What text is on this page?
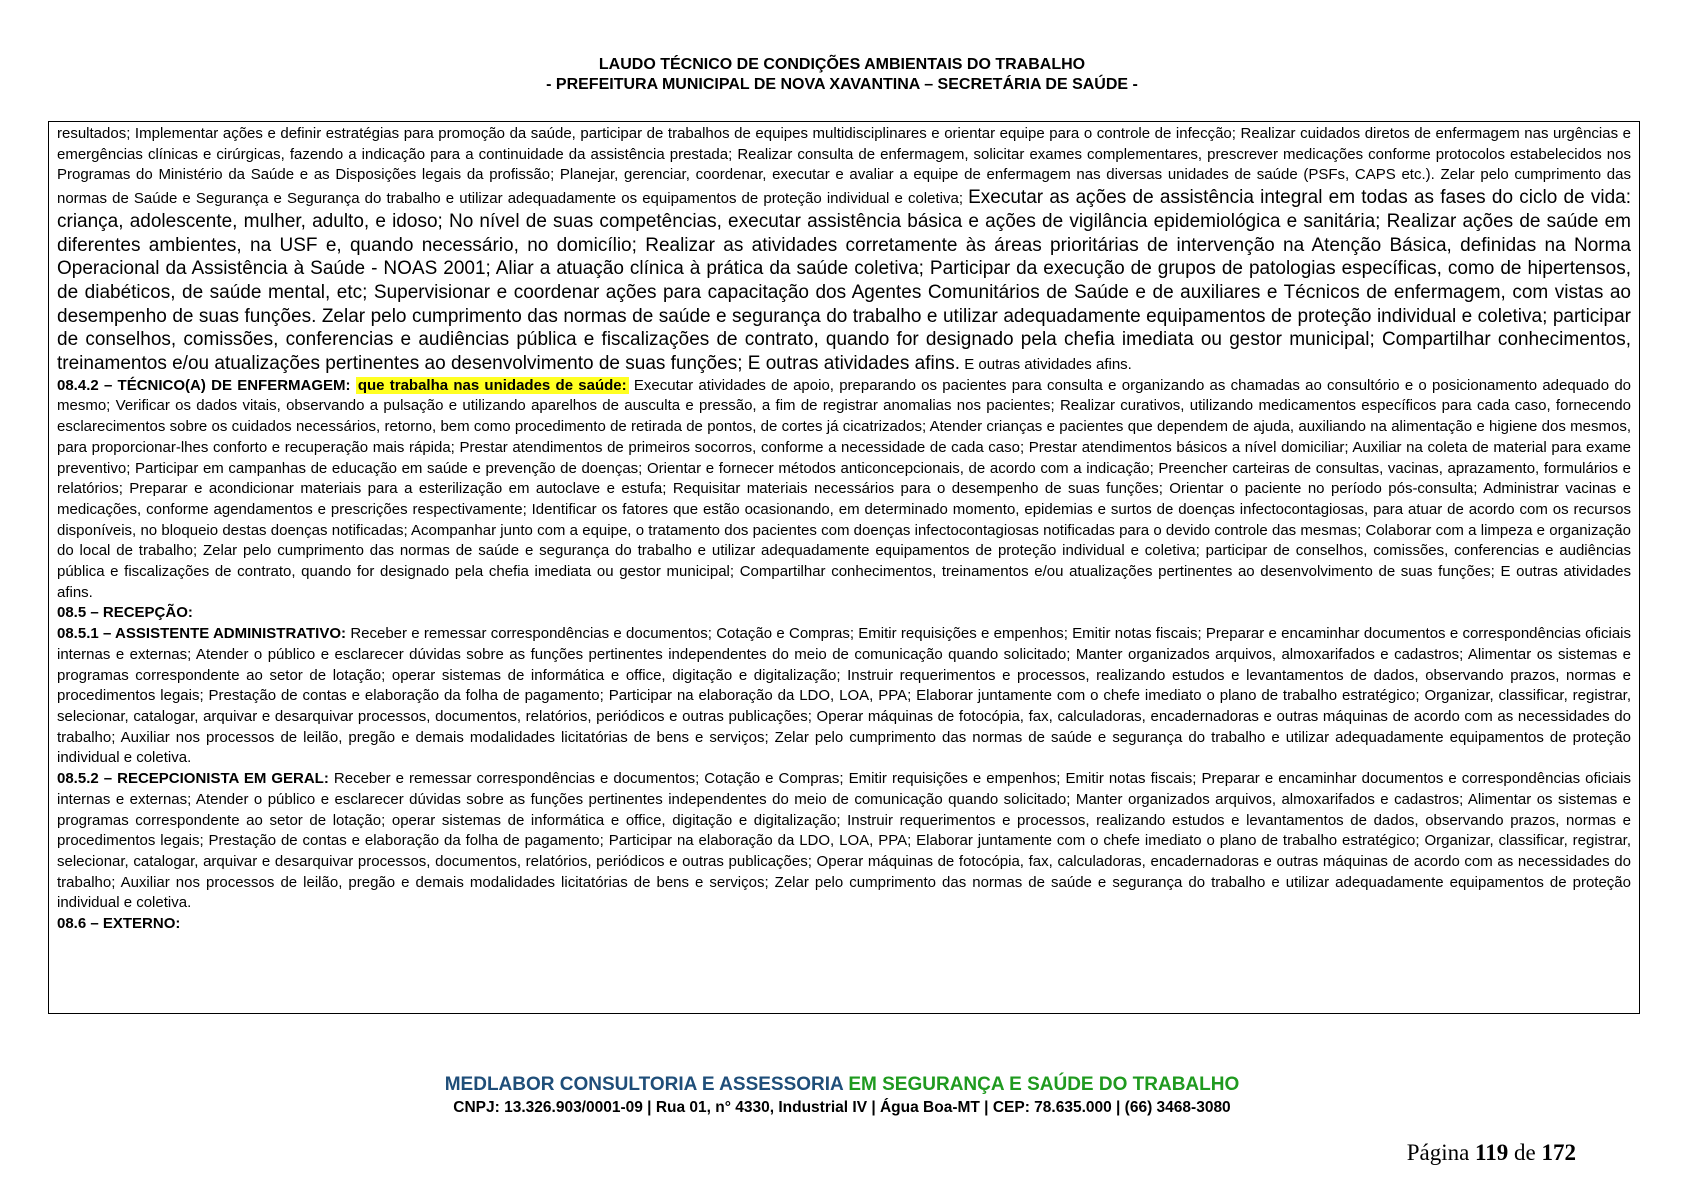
LAUDO TÉCNICO DE CONDIÇÕES AMBIENTAIS DO TRABALHO
- PREFEITURA MUNICIPAL DE NOVA XAVANTINA – SECRETÁRIA DE SAÚDE -

resultados; Implementar ações e definir estratégias para promoção da saúde, participar de trabalhos de equipes multidisciplinares e orientar equipe para o controle de infecção; Realizar cuidados diretos de enfermagem nas urgências e emergências clínicas e cirúrgicas, fazendo a indicação para a continuidade da assistência prestada; Realizar consulta de enfermagem, solicitar exames complementares, prescrever medicações conforme protocolos estabelecidos nos Programas do Ministério da Saúde e as Disposições legais da profissão; Planejar, gerenciar, coordenar, executar e avaliar a equipe de enfermagem nas diversas unidades de saúde (PSFs, CAPS etc.). Zelar pelo cumprimento das normas de Saúde e Segurança e Segurança do trabalho e utilizar adequadamente os equipamentos de proteção individual e coletiva; Executar as ações de assistência integral em todas as fases do ciclo de vida: criança, adolescente, mulher, adulto, e idoso; No nível de suas competências, executar assistência básica e ações de vigilância epidemiológica e sanitária; Realizar ações de saúde em diferentes ambientes, na USF e, quando necessário, no domicílio; Realizar as atividades corretamente às áreas prioritárias de intervenção na Atenção Básica, definidas na Norma Operacional da Assistência à Saúde - NOAS 2001; Aliar a atuação clínica à prática da saúde coletiva; Participar da execução de grupos de patologias específicas, como de hipertensos, de diabéticos, de saúde mental, etc; Supervisionar e coordenar ações para capacitação dos Agentes Comunitários de Saúde e de auxiliares e Técnicos de enfermagem, com vistas ao desempenho de suas funções. Zelar pelo cumprimento das normas de saúde e segurança do trabalho e utilizar adequadamente equipamentos de proteção individual e coletiva; participar de conselhos, comissões, conferencias e audiências pública e fiscalizações de contrato, quando for designado pela chefia imediata ou gestor municipal; Compartilhar conhecimentos, treinamentos e/ou atualizações pertinentes ao desenvolvimento de suas funções; E outras atividades afins. E outras atividades afins.

08.4.2 – TÉCNICO(A) DE ENFERMAGEM: que trabalha nas unidades de saúde: Executar atividades de apoio, preparando os pacientes para consulta e organizando as chamadas ao consultório e o posicionamento adequado do mesmo; Verificar os dados vitais, observando a pulsação e utilizando aparelhos de ausculta e pressão, a fim de registrar anomalias nos pacientes; Realizar curativos, utilizando medicamentos específicos para cada caso, fornecendo esclarecimentos sobre os cuidados necessários, retorno, bem como procedimento de retirada de pontos, de cortes já cicatrizados; Atender crianças e pacientes que dependem de ajuda, auxiliando na alimentação e higiene dos mesmos, para proporcionar-lhes conforto e recuperação mais rápida; Prestar atendimentos de primeiros socorros, conforme a necessidade de cada caso; Prestar atendimentos básicos a nível domiciliar; Auxiliar na coleta de material para exame preventivo; Participar em campanhas de educação em saúde e prevenção de doenças; Orientar e fornecer métodos anticoncepcionais, de acordo com a indicação; Preencher carteiras de consultas, vacinas, aprazamento, formulários e relatórios; Preparar e acondicionar materiais para a esterilização em autoclave e estufa; Requisitar materiais necessários para o desempenho de suas funções; Orientar o paciente no período pós-consulta; Administrar vacinas e medicações, conforme agendamentos e prescrições respectivamente; Identificar os fatores que estão ocasionando, em determinado momento, epidemias e surtos de doenças infectocontagiosas, para atuar de acordo com os recursos disponíveis, no bloqueio destas doenças notificadas; Acompanhar junto com a equipe, o tratamento dos pacientes com doenças infectocontagiosas notificadas para o devido controle das mesmas; Colaborar com a limpeza e organização do local de trabalho; Zelar pelo cumprimento das normas de saúde e segurança do trabalho e utilizar adequadamente equipamentos de proteção individual e coletiva; participar de conselhos, comissões, conferencias e audiências pública e fiscalizações de contrato, quando for designado pela chefia imediata ou gestor municipal; Compartilhar conhecimentos, treinamentos e/ou atualizações pertinentes ao desenvolvimento de suas funções; E outras atividades afins.

08.5 – RECEPÇÃO:

08.5.1 – ASSISTENTE ADMINISTRATIVO: Receber e remessar correspondências e documentos; Cotação e Compras; Emitir requisições e empenhos; Emitir notas fiscais; Preparar e encaminhar documentos e correspondências oficiais internas e externas; Atender o público e esclarecer dúvidas sobre as funções pertinentes independentes do meio de comunicação quando solicitado; Manter organizados arquivos, almoxarifados e cadastros; Alimentar os sistemas e programas correspondente ao setor de lotação; operar sistemas de informática e office, digitação e digitalização; Instruir requerimentos e processos, realizando estudos e levantamentos de dados, observando prazos, normas e procedimentos legais; Prestação de contas e elaboração da folha de pagamento; Participar na elaboração da LDO, LOA, PPA; Elaborar juntamente com o chefe imediato o plano de trabalho estratégico; Organizar, classificar, registrar, selecionar, catalogar, arquivar e desarquivar processos, documentos, relatórios, periódicos e outras publicações; Operar máquinas de fotocópia, fax, calculadoras, encadernadoras e outras máquinas de acordo com as necessidades do trabalho; Auxiliar nos processos de leilão, pregão e demais modalidades licitatórias de bens e serviços; Zelar pelo cumprimento das normas de saúde e segurança do trabalho e utilizar adequadamente equipamentos de proteção individual e coletiva.

08.5.2 – RECEPCIONISTA EM GERAL: Receber e remessar correspondências e documentos; Cotação e Compras; Emitir requisições e empenhos; Emitir notas fiscais; Preparar e encaminhar documentos e correspondências oficiais internas e externas; Atender o público e esclarecer dúvidas sobre as funções pertinentes independentes do meio de comunicação quando solicitado; Manter organizados arquivos, almoxarifados e cadastros; Alimentar os sistemas e programas correspondente ao setor de lotação; operar sistemas de informática e office, digitação e digitalização; Instruir requerimentos e processos, realizando estudos e levantamentos de dados, observando prazos, normas e procedimentos legais; Prestação de contas e elaboração da folha de pagamento; Participar na elaboração da LDO, LOA, PPA; Elaborar juntamente com o chefe imediato o plano de trabalho estratégico; Organizar, classificar, registrar, selecionar, catalogar, arquivar e desarquivar processos, documentos, relatórios, periódicos e outras publicações; Operar máquinas de fotocópia, fax, calculadoras, encadernadoras e outras máquinas de acordo com as necessidades do trabalho; Auxiliar nos processos de leilão, pregão e demais modalidades licitatórias de bens e serviços; Zelar pelo cumprimento das normas de saúde e segurança do trabalho e utilizar adequadamente equipamentos de proteção individual e coletiva.

08.6 – EXTERNO:

MEDLABOR CONSULTORIA E ASSESSORIA EM SEGURANÇA E SAÚDE DO TRABALHO
CNPJ: 13.326.903/0001-09 | Rua 01, n° 4330, Industrial IV | Água Boa-MT | CEP: 78.635.000 | (66) 3468-3080
Página 119 de 172
